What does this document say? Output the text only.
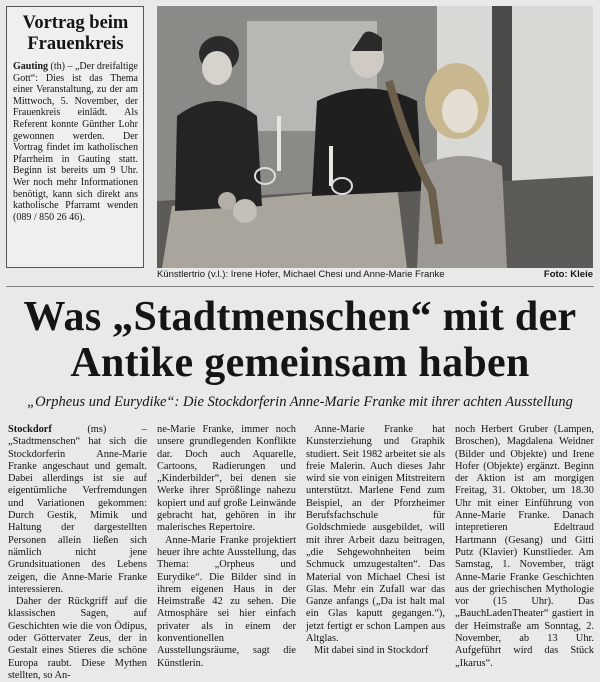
Vortrag beim Frauenkreis
Gauting (th) – „Der dreifaltige Gott“: Dies ist das Thema einer Veranstaltung, zu der am Mittwoch, 5. November, der Frauenkreis einlädt. Als Referent konnte Günther Lohr gewonnen werden. Der Vortrag findet im katholischen Pfarrheim in Gauting statt. Beginn ist bereits um 9 Uhr. Wer noch mehr Informationen benötigt, kann sich direkt ans katholische Pfarramt wenden (089 / 850 26 46).
Künstlertrio (v.l.): Irene Hofer, Michael Chesi und Anne-Marie Franke	Foto: Kleie
Was „Stadtmenschen“ mit der Antike gemeinsam haben
„Orpheus und Eurydike“: Die Stockdorferin Anne-Marie Franke mit ihrer achten Ausstellung

Stockdorf	(ms) – „Stadtmenschen“ hat sich die Stockdorferin Anne-Marie Franke angeschaut und gemalt. Dabei allerdings ist sie auf eigentümliche Verfremdungen und Variationen gekommen: Durch Gestik, Mimik und Haltung der dargestellten Personen allein ließen sich nämlich nicht jene Grundsituationen des Lebens zeigen, die Anne-Marie Franke interessieren.

Daher der Rückgriff auf die klassischen Sagen, auf Geschichten wie die von Ödipus, oder Göttervater Zeus, der in Gestalt eines Stieres die schöne Europa raubt. Diese Mythen stellten, so An-

ne-Marie Franke, immer noch unsere grundlegenden Konflikte dar. Doch auch Aquarelle, Cartoons, Radierungen und „Kinderbilder“, bei denen sie Werke ihrer Sprößlinge nahezu kopiert und auf große Leinwände gebracht hat, gehören in ihr malerisches Repertoire.

Anne-Marie Franke projektiert heuer ihre achte Ausstellung, das Thema: „Orpheus und Eurydike“. Die Bilder sind in ihrem eigenen Haus in der Heimstraße 42 zu sehen. Die Atmosphäre sei hier einfach privater als in einem der konventionellen Ausstellungsräume, sagt die Künstlerin.

Anne-Marie Franke hat Kunsterziehung und Graphik studiert. Seit 1982 arbeitet sie als freie Malerin. Auch dieses Jahr wird sie von einigen Mitstreitern unterstützt. Marlene Fend zum Beispiel, an der Pforzheimer Berufsfachschule für Goldschmiede ausgebildet, will mit ihrer Arbeit dazu beitragen, „die Sehgewohnheiten beim Schmuck umzugestalten“. Das Material von Michael Chesi ist Glas. Mehr ein Zufall war das Ganze anfangs („Da ist halt mal ein Glas kaputt gegangen.“), jetzt fertigt er schon Lampen aus Altglas.

Mit dabei sind in Stockdorf

noch Herbert Gruber (Lampen, Broschen), Magdalena Weidner (Bilder und Objekte) und Irene Hofer (Objekte) ergänzt. Beginn der Aktion ist am morgigen Freitag, 31. Oktober, um 18.30 Uhr mit einer Einführung von Anne-Marie Franke. Danach intepretieren Edeltraud Hartmann (Gesang) und Gitti Putz (Klavier) Kunstlieder. Am Samstag, 1. November, trägt Anne-Marie Franke Geschichten aus der griechischen Mythologie vor (15 Uhr). Das „BauchLadenTheater“ gastiert in der Heimstraße am Sonntag, 2. November, ab 13 Uhr. Aufgeführt wird das Stück „Ikarus“.
